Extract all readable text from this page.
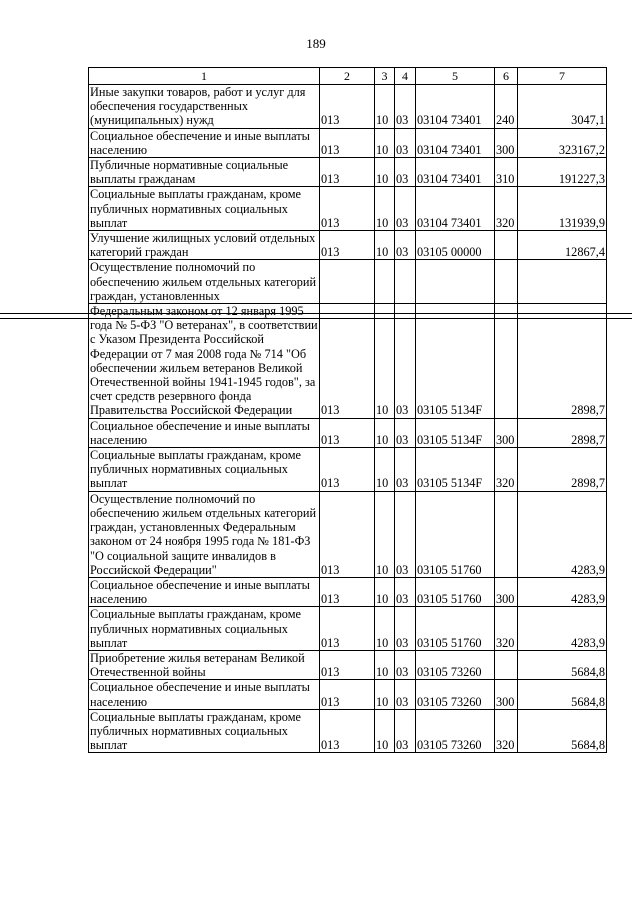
189
1	2	3	4	5	6	7
Иные закупки товаров, работ и услуг для обеспечения государственных (муниципальных) нужд	013	10	03	03104 73401	240	3047,1
Социальное обеспечение и иные выплаты населению	013	10	03	03104 73401	300	323167,2
Публичные нормативные социальные выплаты гражданам	013	10	03	03104 73401	310	191227,3
Социальные выплаты гражданам, кроме публичных нормативных социальных выплат	013	10	03	03104 73401	320	131939,9
Улучшение жилищных условий отдельных категорий граждан	013	10	03	03105 00000		12867,4
Осуществление полномочий по обеспечению жильем отдельных категорий граждан, установленных						
Федеральным законом от 12 января 1995 года № 5-ФЗ "О ветеранах", в соответствии с Указом Президента Российской Федерации от 7 мая 2008 года № 714 "Об обеспечении жильем ветеранов Великой Отечественной войны 1941-1945 годов", за счет средств резервного фонда Правительства Российской Федерации	013	10	03	03105 5134F		2898,7
Социальное обеспечение и иные выплаты населению	013	10	03	03105 5134F	300	2898,7
Социальные выплаты гражданам, кроме публичных нормативных социальных выплат	013	10	03	03105 5134F	320	2898,7
Осуществление полномочий по обеспечению жильем отдельных категорий граждан, установленных Федеральным законом от 24 ноября 1995 года № 181-ФЗ "О социальной защите инвалидов в Российской Федерации"	013	10	03	03105 51760		4283,9
Социальное обеспечение и иные выплаты населению	013	10	03	03105 51760	300	4283,9
Социальные выплаты гражданам, кроме публичных нормативных социальных выплат	013	10	03	03105 51760	320	4283,9
Приобретение жилья ветеранам Великой Отечественной войны	013	10	03	03105 73260		5684,8
Социальное обеспечение и иные выплаты населению	013	10	03	03105 73260	300	5684,8
Социальные выплаты гражданам, кроме публичных нормативных социальных выплат	013	10	03	03105 73260	320	5684,8
